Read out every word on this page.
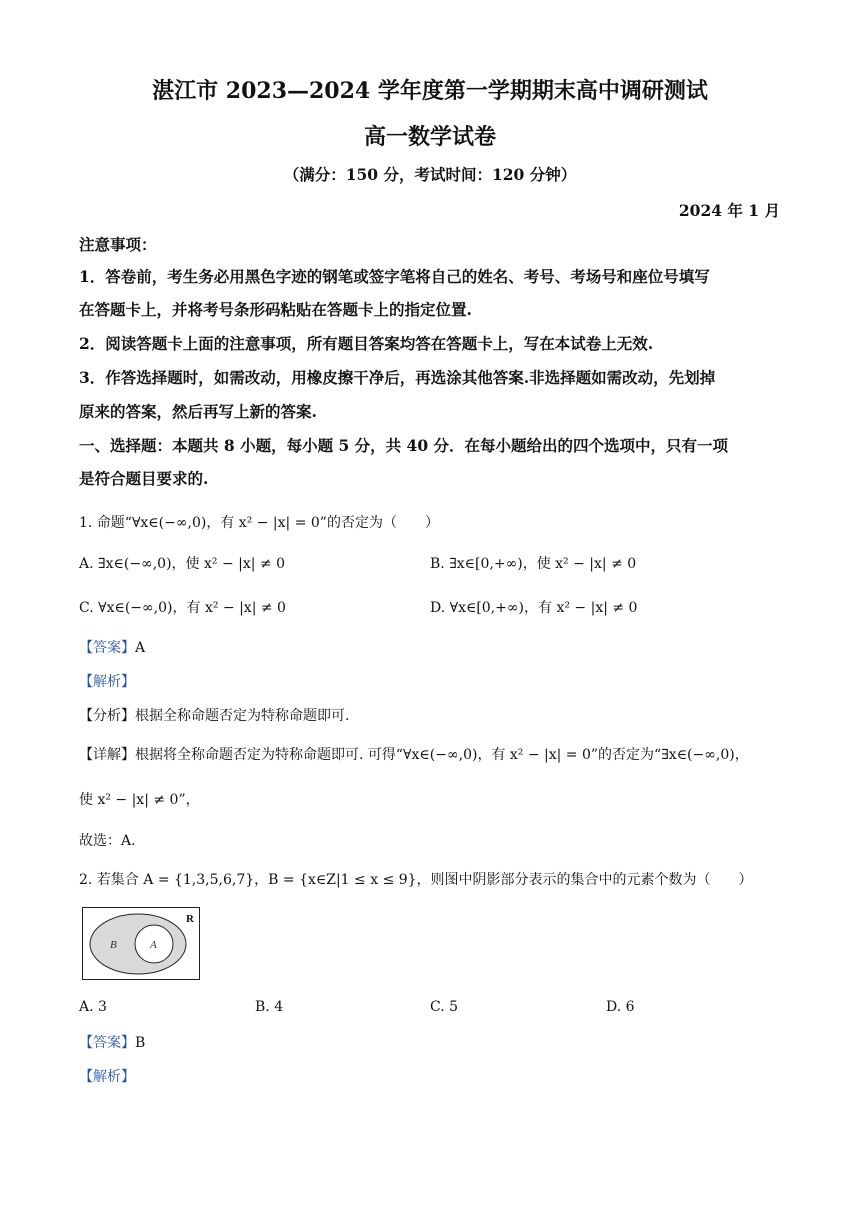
湛江市 2023—2024 学年度第一学期期末高中调研测试
高一数学试卷
（满分：150 分，考试时间：120 分钟）
2024 年 1 月
注意事项：
1．答卷前，考生务必用黑色字迹的钢笔或签字笔将自己的姓名、考号、考场号和座位号填写
在答题卡上，并将考号条形码粘贴在答题卡上的指定位置.
2．阅读答题卡上面的注意事项，所有题目答案均答在答题卡上，写在本试卷上无效.
3．作答选择题时，如需改动，用橡皮擦干净后，再选涂其他答案.非选择题如需改动，先划掉
原来的答案，然后再写上新的答案.
一、选择题：本题共 8 小题，每小题 5 分，共 40 分．在每小题给出的四个选项中，只有一项
是符合题目要求的.
1. 命题“∀x∈(−∞,0)，有 x² − |x| = 0”的否定为（　　）
A. ∃x∈(−∞,0)，使 x² − |x| ≠ 0	B. ∃x∈[0,+∞)，使 x² − |x| ≠ 0
C. ∀x∈(−∞,0)，有 x² − |x| ≠ 0	D. ∀x∈[0,+∞)，有 x² − |x| ≠ 0
【答案】A
【解析】
【分析】根据全称命题否定为特称命题即可.
【详解】根据将全称命题否定为特称命题即可. 可得“∀x∈(−∞,0)，有 x² − |x| = 0”的否定为“∃x∈(−∞,0)，
使 x² − |x| ≠ 0”，
故选：A.
2. 若集合 A = {1,3,5,6,7}，B = {x∈Z|1 ≤ x ≤ 9}，则图中阴影部分表示的集合中的元素个数为（　　）
R
B	A
A. 3	B. 4	C. 5	D. 6
【答案】B
【解析】
